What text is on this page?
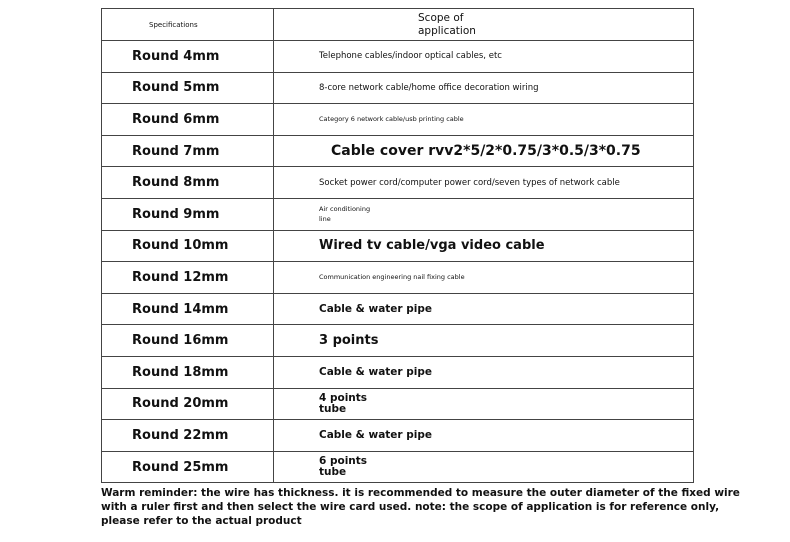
Specifications	Scope of
application
Round 4mm	Telephone cables/indoor optical cables, etc
Round 5mm	8-core network cable/home office decoration wiring
Round 6mm	Category 6 network cable/usb printing cable
Round 7mm	Cable cover rvv2*5/2*0.75/3*0.5/3*0.75
Round 8mm	Socket power cord/computer power cord/seven types of network cable
Round 9mm	Air conditioning
line
Round 10mm	Wired tv cable/vga video cable
Round 12mm	Communication engineering nail fixing cable
Round 14mm	Cable & water pipe
Round 16mm	3 points
Round 18mm	Cable & water pipe
Round 20mm	4 points
tube
Round 22mm	Cable & water pipe
Round 25mm	6 points
tube
Warm reminder: the wire has thickness. it is recommended to measure the outer diameter of the fixed wire with a ruler first and then select the wire card used. note: the scope of application is for reference only, please refer to the actual product
